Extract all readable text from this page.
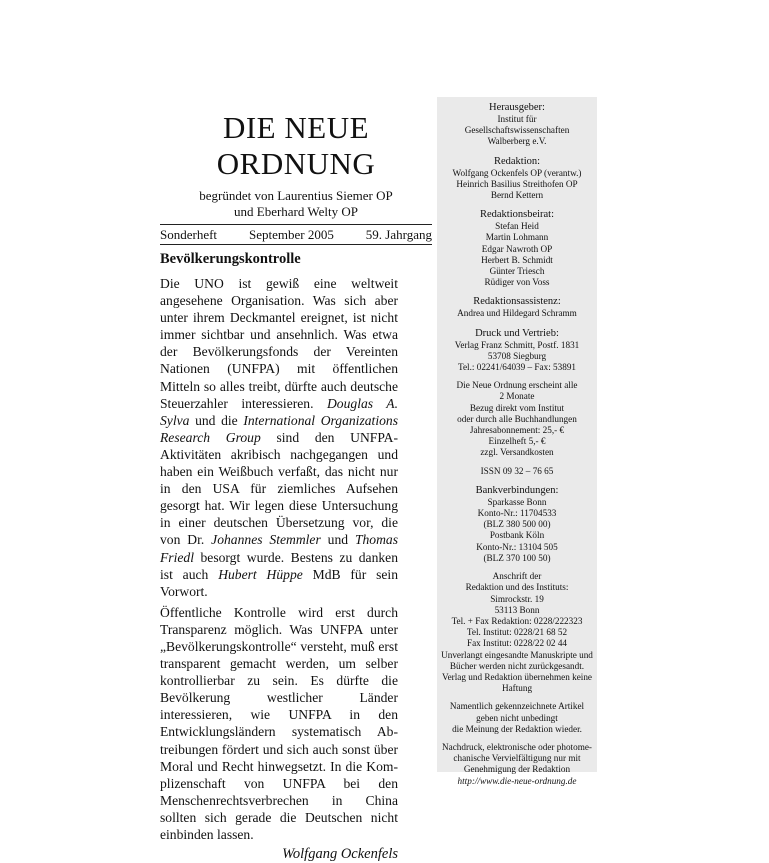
DIE NEUE
ORDNUNG
begründet von Laurentius Siemer OP
und Eberhard Welty OP
Sonderheft September 2005 59. Jahrgang
Bevölkerungskontrolle

Die UNO ist gewiß eine weltweit angesehene Organisation. Was sich aber unter ihrem Deckmantel ereignet, ist nicht immer sichtbar und ansehnlich. Was etwa der Bevölkerungsfonds der Vereinten Nationen (UNFPA) mit öffentlichen Mitteln so alles treibt, dürfte auch deutsche Steuerzahler interessieren. Douglas A. Sylva und die International Organizations Research Group sind den UNFPA-Aktivitäten akribisch nachgegangen und haben ein Weißbuch verfaßt, das nicht nur in den USA für ziemliches Aufsehen gesorgt hat. Wir legen diese Untersuchung in einer deutschen Übersetzung vor, die von Dr. Johannes Stemmler und Thomas Friedl besorgt wurde. Bestens zu danken ist auch Hubert Hüppe MdB für sein Vorwort.

Öffentliche Kontrolle wird erst durch Transparenz möglich. Was UNFPA unter „Bevölkerungskontrolle“ versteht, muß erst transparent gemacht werden, um selber kontrollierbar zu sein. Es dürfte die Bevölkerung westlicher Länder interessieren, wie UNFPA in den Entwicklungsländern systematisch Abtreibungen fördert und sich auch sonst über Moral und Recht hinwegsetzt. In die Komplizenschaft von UNFPA bei den Menschenrechtsverbrechen in China sollten sich gerade die Deutschen nicht einbinden lassen.

Wolfgang Ockenfels
Herausgeber:
Institut für
Gesellschaftswissenschaften
Walberberg e.V.
Redaktion:
Wolfgang Ockenfels OP (verantw.)
Heinrich Basilius Streithofen OP
Bernd Kettern
Redaktionsbeirat:
Stefan Heid
Martin Lohmann
Edgar Nawroth OP
Herbert B. Schmidt
Günter Triesch
Rüdiger von Voss
Redaktionsassistenz:
Andrea und Hildegard Schramm
Druck und Vertrieb:
Verlag Franz Schmitt, Postf. 1831
53708 Siegburg
Tel.: 02241/64039 – Fax: 53891
Die Neue Ordnung erscheint alle
2 Monate
Bezug direkt vom Institut
oder durch alle Buchhandlungen
Jahresabonnement: 25,- €
Einzelheft 5,- €
zzgl. Versandkosten
ISSN 09 32 – 76 65
Bankverbindungen:
Sparkasse Bonn
Konto-Nr.: 11704533
(BLZ 380 500 00)
Postbank Köln
Konto-Nr.: 13104 505
(BLZ 370 100 50)
Anschrift der
Redaktion und des Instituts:
Simrockstr. 19
53113 Bonn
Tel. + Fax Redaktion: 0228/222323
Tel. Institut: 0228/21 68 52
Fax Institut: 0228/22 02 44
Unverlangt eingesandte Manuskripte und
Bücher werden nicht zurückgesandt.
Verlag und Redaktion übernehmen keine
Haftung
Namentlich gekennzeichnete Artikel
geben nicht unbedingt
die Meinung der Redaktion wieder.
Nachdruck, elektronische oder photome-
chanische Vervielfältigung nur mit
Genehmigung der Redaktion
http://www.die-neue-ordnung.de
